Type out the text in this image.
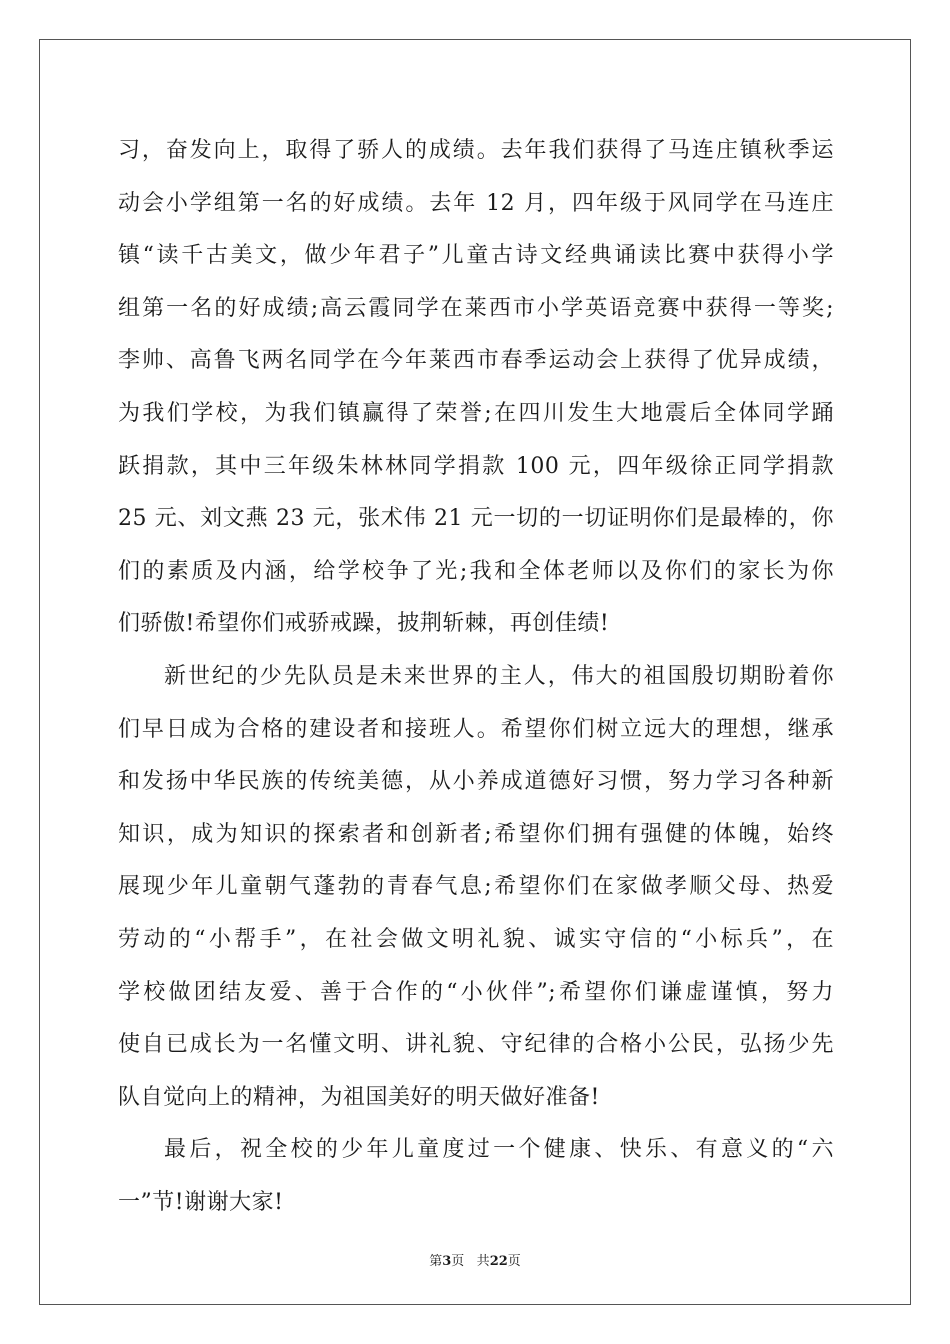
习，奋发向上，取得了骄人的成绩。去年我们获得了马连庄镇秋季运
动会小学组第一名的好成绩。去年 12 月，四年级于风同学在马连庄
镇“读千古美文，做少年君子”儿童古诗文经典诵读比赛中获得小学
组第一名的好成绩;高云霞同学在莱西市小学英语竞赛中获得一等奖;
李帅、高鲁飞两名同学在今年莱西市春季运动会上获得了优异成绩，
为我们学校，为我们镇赢得了荣誉;在四川发生大地震后全体同学踊
跃捐款，其中三年级朱林林同学捐款 100 元，四年级徐正同学捐款
25 元、刘文燕 23 元，张术伟 21 元一切的一切证明你们是最棒的，你
们的素质及内涵，给学校争了光;我和全体老师以及你们的家长为你
们骄傲!希望你们戒骄戒躁，披荆斩棘，再创佳绩!
新世纪的少先队员是未来世界的主人，伟大的祖国殷切期盼着你
们早日成为合格的建设者和接班人。希望你们树立远大的理想，继承
和发扬中华民族的传统美德，从小养成道德好习惯，努力学习各种新
知识，成为知识的探索者和创新者;希望你们拥有强健的体魄，始终
展现少年儿童朝气蓬勃的青春气息;希望你们在家做孝顺父母、热爱
劳动的“小帮手”，在社会做文明礼貌、诚实守信的“小标兵”，在
学校做团结友爱、善于合作的“小伙伴”;希望你们谦虚谨慎，努力
使自已成长为一名懂文明、讲礼貌、守纪律的合格小公民，弘扬少先
队自觉向上的精神，为祖国美好的明天做好准备!
最后，祝全校的少年儿童度过一个健康、快乐、有意义的“六
一”节!谢谢大家!
第3页 共22页
